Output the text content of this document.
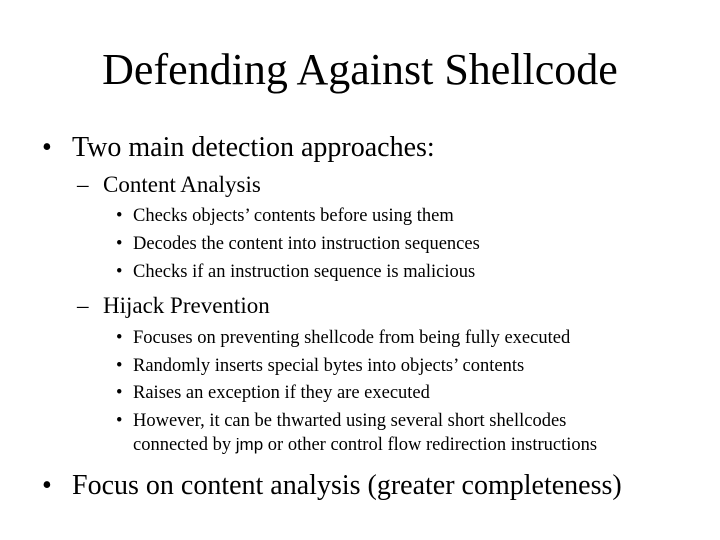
Defending Against Shellcode
• Two main detection approaches:
– Content Analysis
• Checks objects’ contents before using them
• Decodes the content into instruction sequences
• Checks if an instruction sequence is malicious
– Hijack Prevention
• Focuses on preventing shellcode from being fully executed
• Randomly inserts special bytes into objects’ contents
• Raises an exception if they are executed
• However, it can be thwarted using several short shellcodes
connected by jmp or other control flow redirection instructions
• Focus on content analysis (greater completeness)
